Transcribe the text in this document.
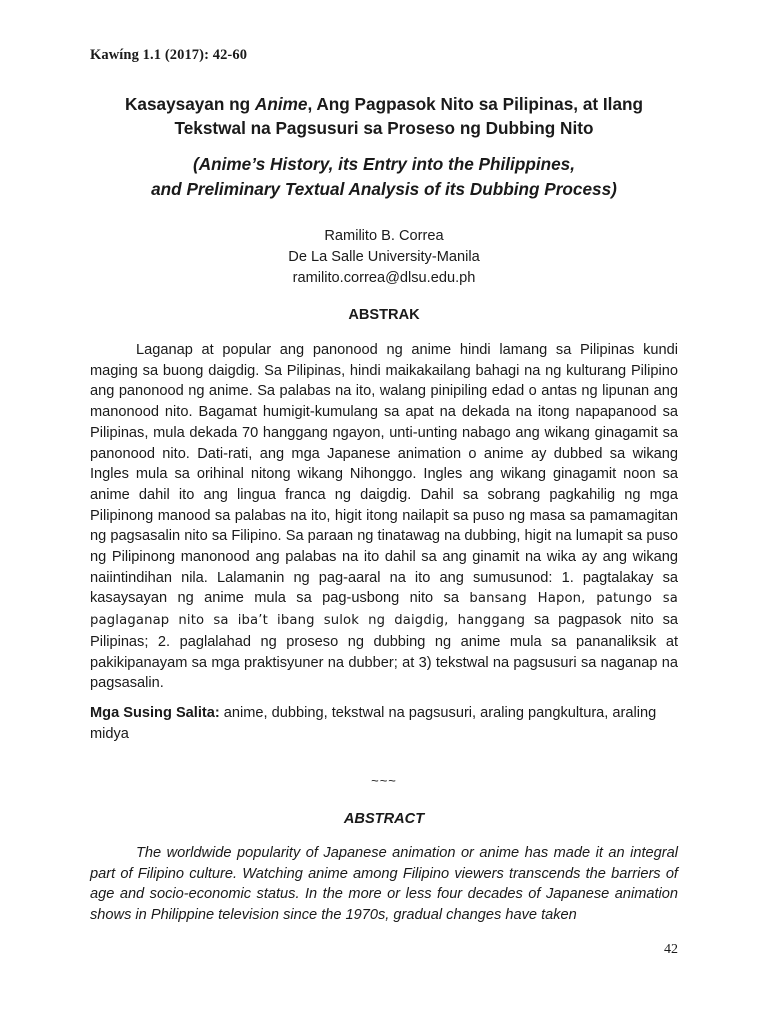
Kawíng 1.1 (2017): 42-60

Kasaysayan ng Anime, Ang Pagpasok Nito sa Pilipinas, at Ilang
Tekstwal na Pagsusuri sa Proseso ng Dubbing Nito

(Anime’s History, its Entry into the Philippines,
and Preliminary Textual Analysis of its Dubbing Process)

Ramilito B. Correa
De La Salle University-Manila
ramilito.correa@dlsu.edu.ph
ABSTRAK

Laganap at popular ang panonood ng anime hindi lamang sa Pilipinas kundi maging sa buong daigdig. Sa Pilipinas, hindi maikakailang bahagi na ng kulturang Pilipino ang panonood ng anime. Sa palabas na ito, walang pinipiling edad o antas ng lipunan ang manonood nito. Bagamat humigit-kumulang sa apat na dekada na itong napapanood sa Pilipinas, mula dekada 70 hanggang ngayon, unti-unting nabago ang wikang ginagamit sa panonood nito. Dati-rati, ang mga Japanese animation o anime ay dubbed sa wikang Ingles mula sa orihinal nitong wikang Nihonggo. Ingles ang wikang ginagamit noon sa anime dahil ito ang lingua franca ng daigdig. Dahil sa sobrang pagkahilig ng mga Pilipinong manood sa palabas na ito, higit itong nailapit sa puso ng masa sa pamamagitan ng pagsasalin nito sa Filipino. Sa paraan ng tinatawag na dubbing, higit na lumapit sa puso ng Pilipinong manonood ang palabas na ito dahil sa ang ginamit na wika ay ang wikang naiintindihan nila. Lalamanin ng pag-aaral na ito ang sumusunod: 1. pagtalakay sa kasaysayan ng anime mula sa pag-usbong nito sa bansang Hapon, patungo sa paglaganap nito sa iba’t ibang sulok ng daigdig, hanggang sa pagpasok nito sa Pilipinas; 2. paglalahad ng proseso ng dubbing ng anime mula sa pananaliksik at pakikipanayam sa mga praktisyuner na dubber; at 3) tekstwal na pagsusuri sa naganap na pagsasalin.

Mga Susing Salita: anime, dubbing, tekstwal na pagsusuri, araling pangkultura, araling midya

~~~
ABSTRACT

The worldwide popularity of Japanese animation or anime has made it an integral part of Filipino culture. Watching anime among Filipino viewers transcends the barriers of age and socio-economic status. In the more or less four decades of Japanese animation shows in Philippine television since the 1970s, gradual changes have taken

42
